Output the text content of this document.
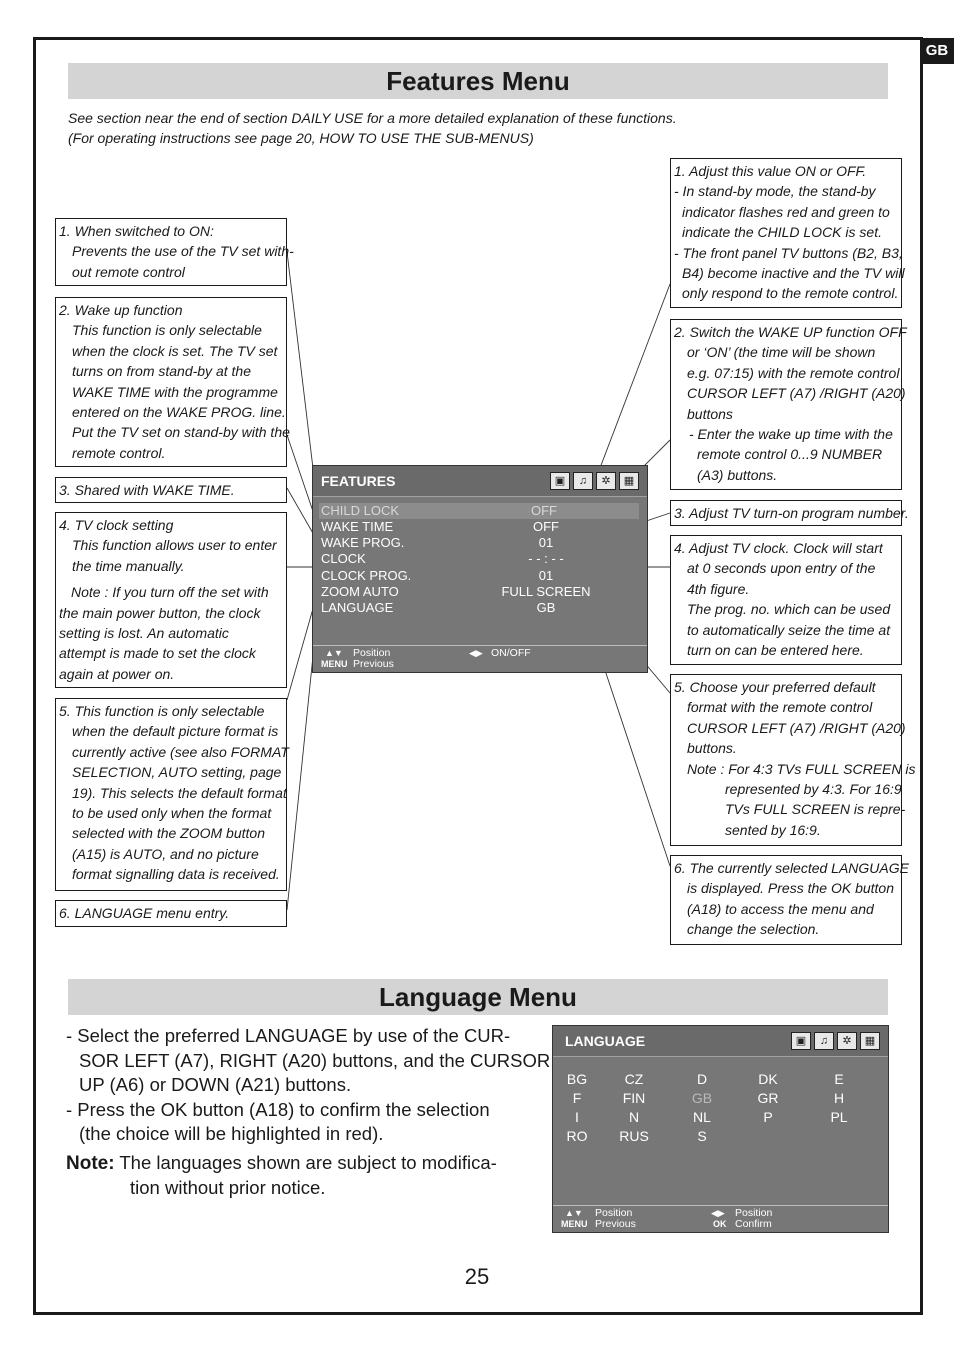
GB
Features Menu
See section near the end of section DAILY USE for a more detailed explanation of these functions.
(For operating instructions see page 20, HOW TO USE THE SUB-MENUS)
1. When switched to ON:
Prevents the use of the TV set with-
out remote control
2. Wake up function
This function is only selectable
when the clock is set. The TV set
turns on from stand-by at the
WAKE TIME with the programme
entered on the WAKE PROG. line.
Put the TV set on stand-by with the
remote control.
3. Shared with WAKE TIME.
4. TV clock setting
This function allows user to enter
the time manually.
Note : If you turn off the set with
the main power button, the clock
setting is lost. An automatic
attempt is made to set the clock
again at power on.
5. This function is only selectable
when the default picture format is
currently active (see also FORMAT
SELECTION, AUTO setting, page
19). This selects the default format
to be used only when the format
selected with the ZOOM button
(A15) is AUTO, and no picture
format signalling data is received.
6. LANGUAGE menu entry.
1. Adjust this value ON or OFF.
- In stand-by mode, the stand-by
indicator flashes red and green to
indicate the CHILD LOCK is set.
- The front panel TV buttons (B2, B3,
B4) become inactive and the TV will
only respond to the remote control.
2. Switch the WAKE UP function OFF
or ‘ON’ (the time will be shown
e.g. 07:15) with the remote control
CURSOR LEFT (A7) /RIGHT (A20)
buttons
- Enter the wake up time with the
remote control 0...9 NUMBER
(A3) buttons.
3. Adjust TV turn-on program number.
4. Adjust TV clock. Clock will start
at 0 seconds upon entry of the
4th figure.
The prog. no. which can be used
to automatically seize the time at
turn on can be entered here.
5. Choose your preferred default
format with the remote control
CURSOR LEFT (A7) /RIGHT (A20)
buttons.
Note : For 4:3 TVs FULL SCREEN is
represented by 4:3. For 16:9
TVs FULL SCREEN is repre-
sented by 16:9.
6. The currently selected LANGUAGE
is displayed. Press the OK button
(A18) to access the menu and
change the selection.
FEATURES	▣	♫	✲	▦
CHILD LOCK	OFF
WAKE TIME	OFF
WAKE PROG.	01
CLOCK	- - : - -
CLOCK PROG.	01
ZOOM AUTO	FULL SCREEN
LANGUAGE	GB
▲▼ Position
MENU Previous
◀▶ ON/OFF
Language Menu
- Select the preferred LANGUAGE by use of the CUR-
SOR LEFT (A7), RIGHT (A20) buttons, and the CURSOR
UP (A6) or DOWN (A21) buttons.
- Press the OK button (A18) to confirm the selection
(the choice will be highlighted in red).
Note: The languages shown are subject to modifica-
tion without prior notice.
LANGUAGE	▣	♫	✲	▦
BG	CZ	D	DK	E
F	FIN	GB	GR	H
I	N	NL	P	PL
RO	RUS	S
▲▼ Position
MENU Previous
◀▶ Position
OK Confirm
25
